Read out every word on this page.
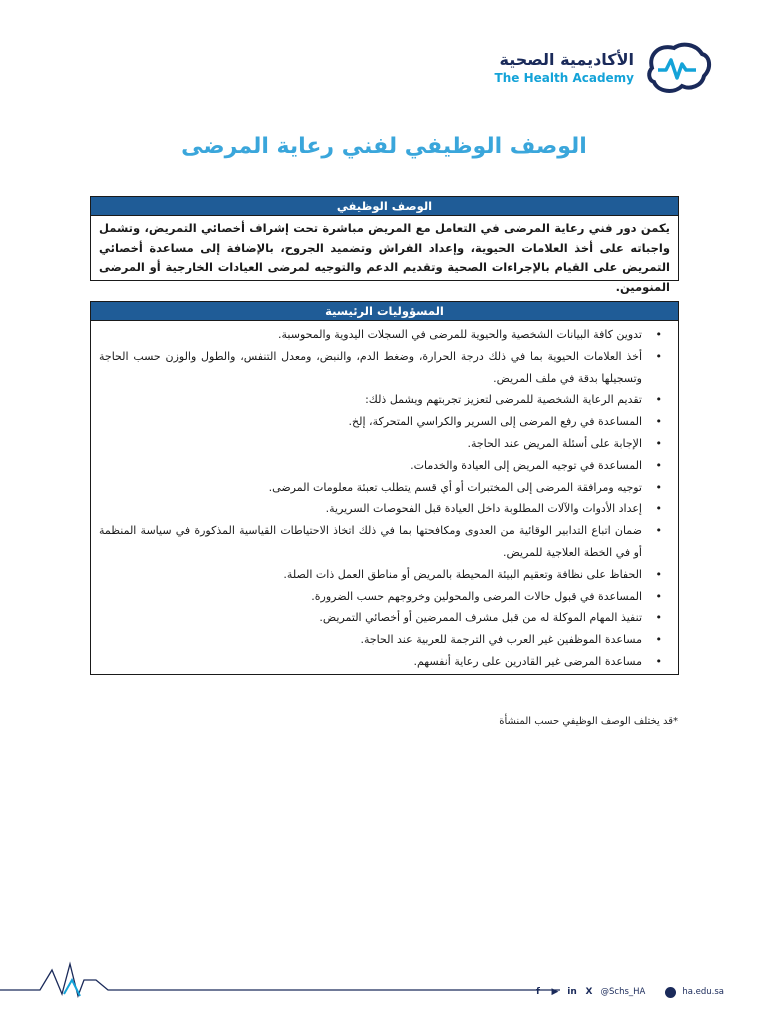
الأكاديمية الصحية
The Health Academy
الوصف الوظيفي لفني رعاية المرضى
الوصف الوظيفي
يكمن دور فني رعاية المرضى في التعامل مع المريض مباشرة تحت إشراف أخصائي التمريض، وتشمل واجباته على أخذ العلامات الحيوية، وإعداد الفراش وتضميد الجروح، بالإضافة إلى مساعدة أخصائي التمريض على القيام بالإجراءات الصحية وتقديم الدعم والتوجيه لمرضى العيادات الخارجية أو المرضى المنومين.
المسؤوليات الرئيسية
• تدوين كافة البيانات الشخصية والحيوية للمرضى في السجلات اليدوية والمحوسبة.
• أخذ العلامات الحيوية بما في ذلك درجة الحرارة، وضغط الدم، والنبض، ومعدل التنفس، والطول والوزن حسب الحاجة وتسجيلها بدقة في ملف المريض.
• تقديم الرعاية الشخصية للمرضى لتعزيز تجربتهم ويشمل ذلك:
• المساعدة في رفع المرضى إلى السرير والكراسي المتحركة، إلخ.
• الإجابة على أسئلة المريض عند الحاجة.
• المساعدة في توجيه المريض إلى العيادة والخدمات.
• توجيه ومرافقة المرضى إلى المختبرات أو أي قسم يتطلب تعبئة معلومات المرضى.
• إعداد الأدوات والآلات المطلوبة داخل العيادة قبل الفحوصات السريرية.
• ضمان اتباع التدابير الوقائية من العدوى ومكافحتها بما في ذلك اتخاذ الاحتياطات القياسية المذكورة في سياسة المنظمة أو في الخطة العلاجية للمريض.
• الحفاظ على نظافة وتعقيم البيئة المحيطة بالمريض أو مناطق العمل ذات الصلة.
• المساعدة في قبول حالات المرضى والمحولين وخروجهم حسب الضرورة.
• تنفيذ المهام الموكلة له من قبل مشرف الممرضين أو أخصائي التمريض.
• مساعدة الموظفين غير العرب في الترجمة للعربية عند الحاجة.
• مساعدة المرضى غير القادرين على رعاية أنفسهم.
*قد يختلف الوصف الوظيفي حسب المنشأة
f	▶ in X @Schs_HA	ha.edu.sa
